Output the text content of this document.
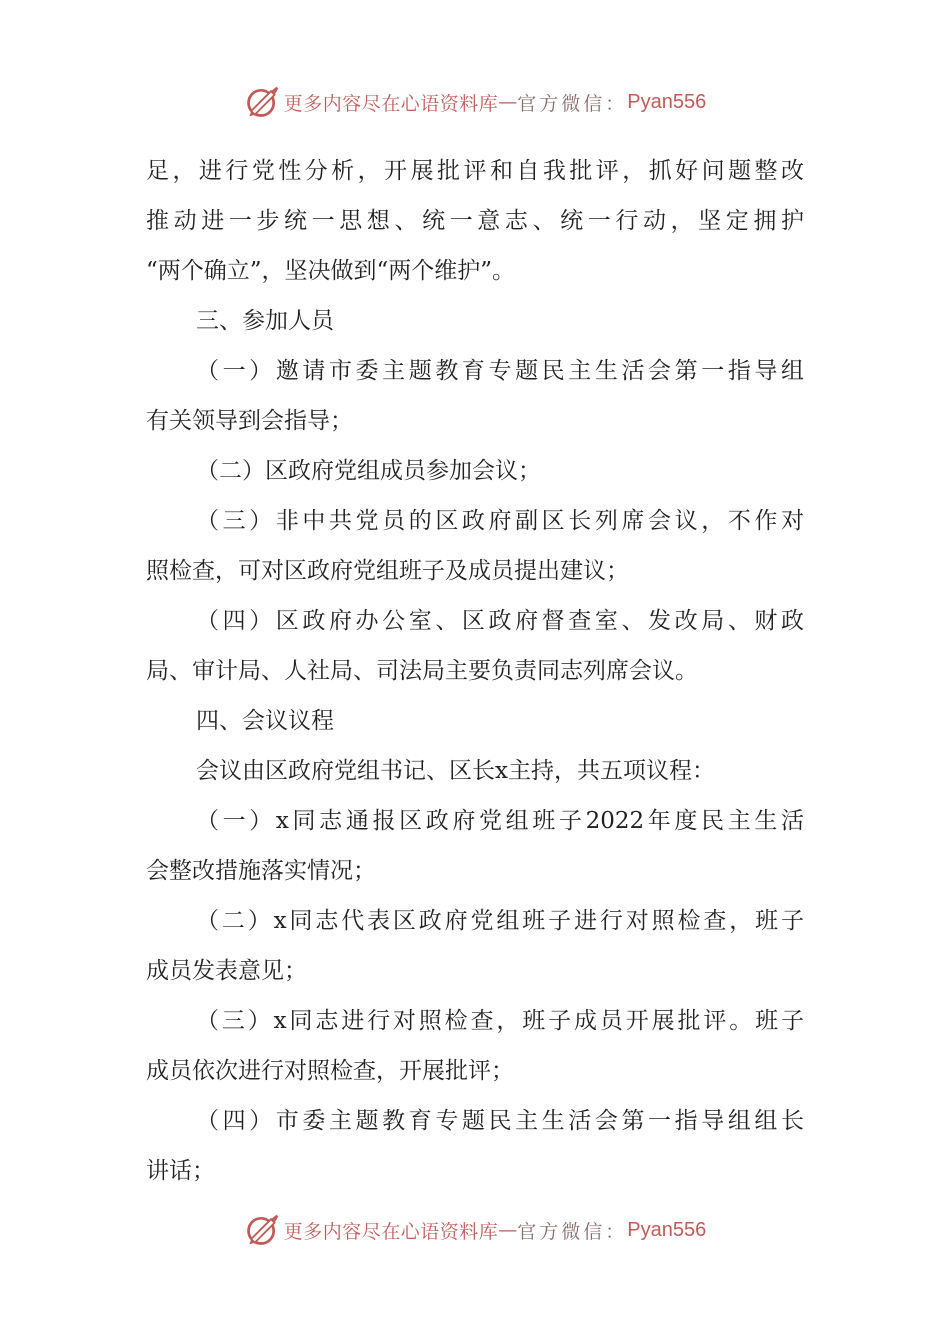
更多内容尽在心语资料库 — 官方微信： Pyan556
足，进行党性分析，开展批评和自我批评，抓好问题整改
推动进一步统一思想、统一意志、统一行动，坚定拥护
“两个确立”，坚决做到“两个维护”。
三、参加人员
（一）邀请市委主题教育专题民主生活会第一指导组
有关领导到会指导；
（二）区政府党组成员参加会议；
（三）非中共党员的区政府副区长列席会议，不作对
照检查，可对区政府党组班子及成员提出建议；
（四）区政府办公室、区政府督查室、发改局、财政
局、审计局、人社局、司法局主要负责同志列席会议。
四、会议议程
会议由区政府党组书记、区长x主持，共五项议程：
（一）x同志通报区政府党组班子2022年度民主生活
会整改措施落实情况；
（二）x同志代表区政府党组班子进行对照检查，班子
成员发表意见；
（三）x同志进行对照检查，班子成员开展批评。班子
成员依次进行对照检查，开展批评；
（四）市委主题教育专题民主生活会第一指导组组长
讲话；
更多内容尽在心语资料库 — 官方微信： Pyan556
